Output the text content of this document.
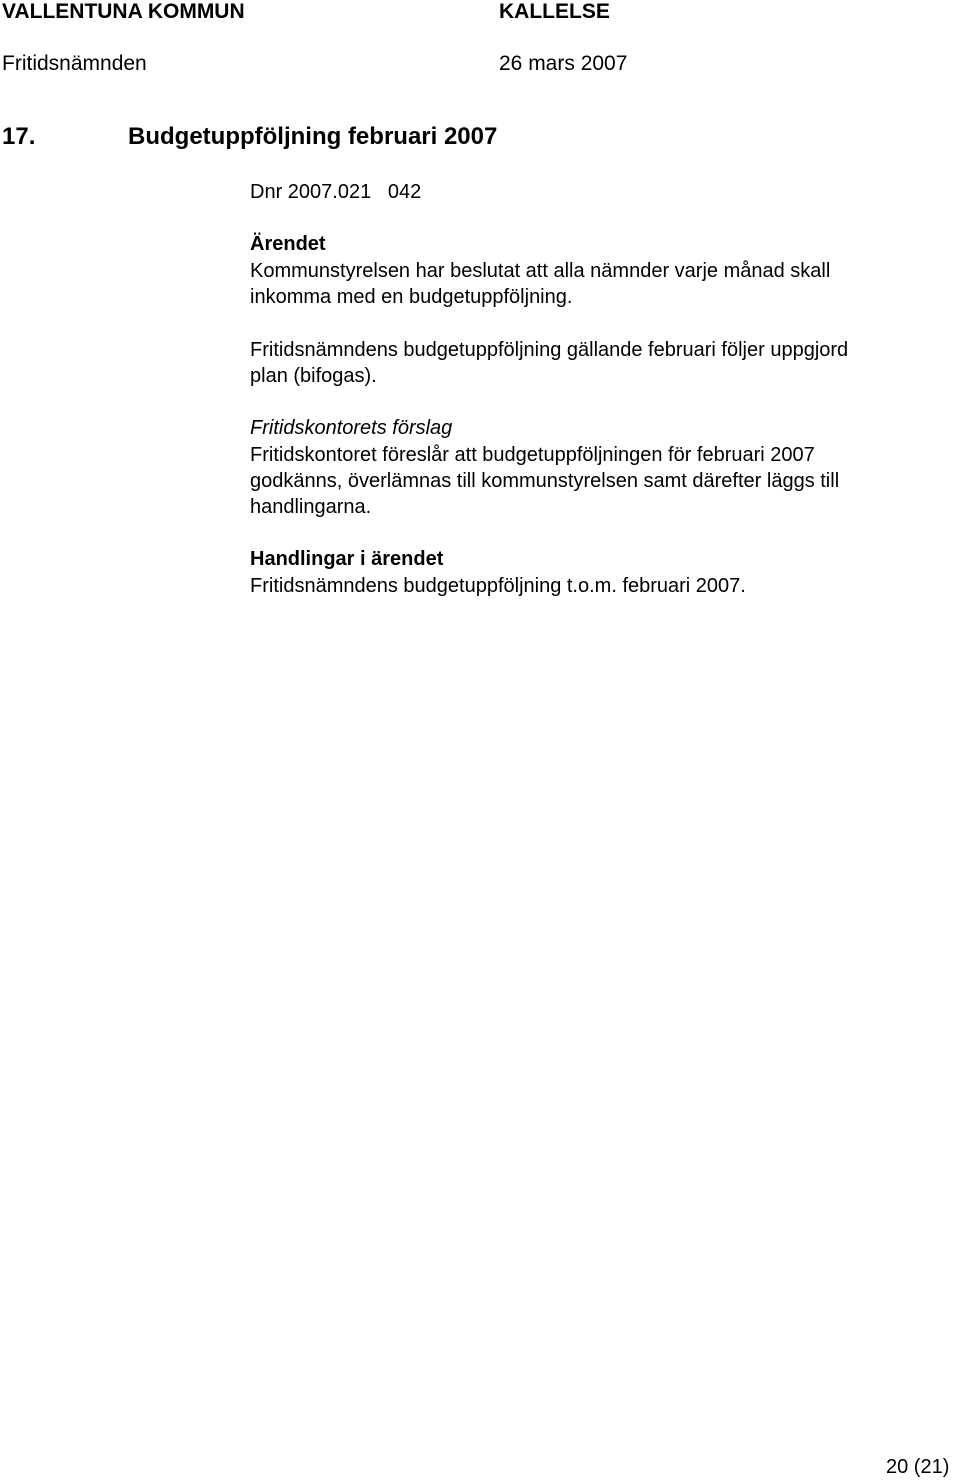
VALLENTUNA KOMMUN	KALLELSE
Fritidsnämnden	26 mars 2007
17.	Budgetuppföljning februari 2007
Dnr 2007.021   042
Ärendet
Kommunstyrelsen har beslutat att alla nämnder varje månad skall
inkomma med en budgetuppföljning.
Fritidsnämndens budgetuppföljning gällande februari följer uppgjord
plan (bifogas).
Fritidskontorets förslag
Fritidskontoret föreslår att budgetuppföljningen för februari 2007
godkänns, överlämnas till kommunstyrelsen samt därefter läggs till
handlingarna.
Handlingar i ärendet
Fritidsnämndens budgetuppföljning t.o.m. februari 2007.
20 (21)
